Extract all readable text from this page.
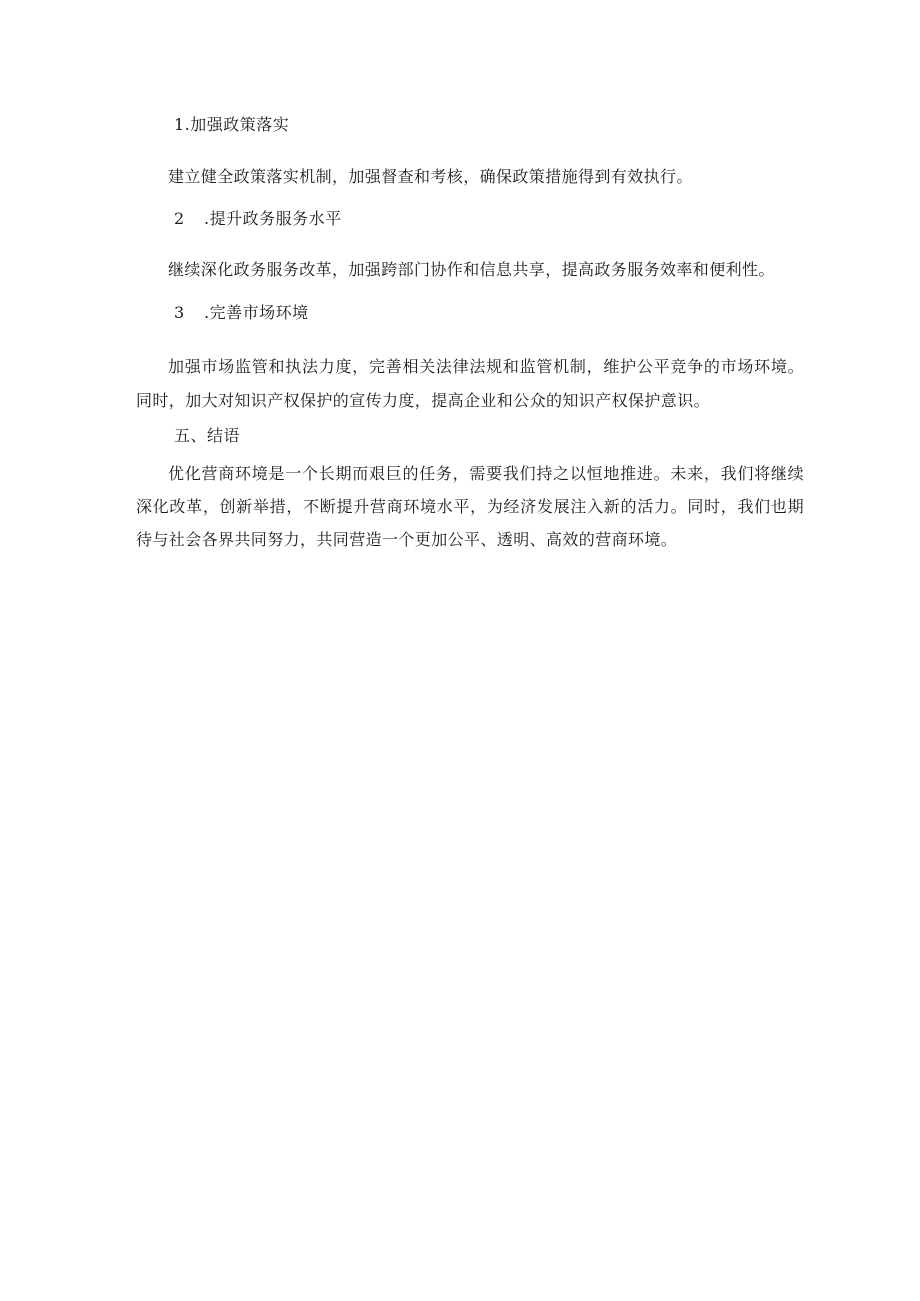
1.加强政策落实

建立健全政策落实机制，加强督查和考核，确保政策措施得到有效执行。

2 .提升政务服务水平

继续深化政务服务改革，加强跨部门协作和信息共享，提高政务服务效率和便利性。

3 .完善市场环境

加强市场监管和执法力度，完善相关法律法规和监管机制，维护公平竞争的市场环境。同时，加大对知识产权保护的宣传力度，提高企业和公众的知识产权保护意识。

五、结语

优化营商环境是一个长期而艰巨的任务，需要我们持之以恒地推进。未来，我们将继续深化改革，创新举措，不断提升营商环境水平，为经济发展注入新的活力。同时，我们也期待与社会各界共同努力，共同营造一个更加公平、透明、高效的营商环境。
